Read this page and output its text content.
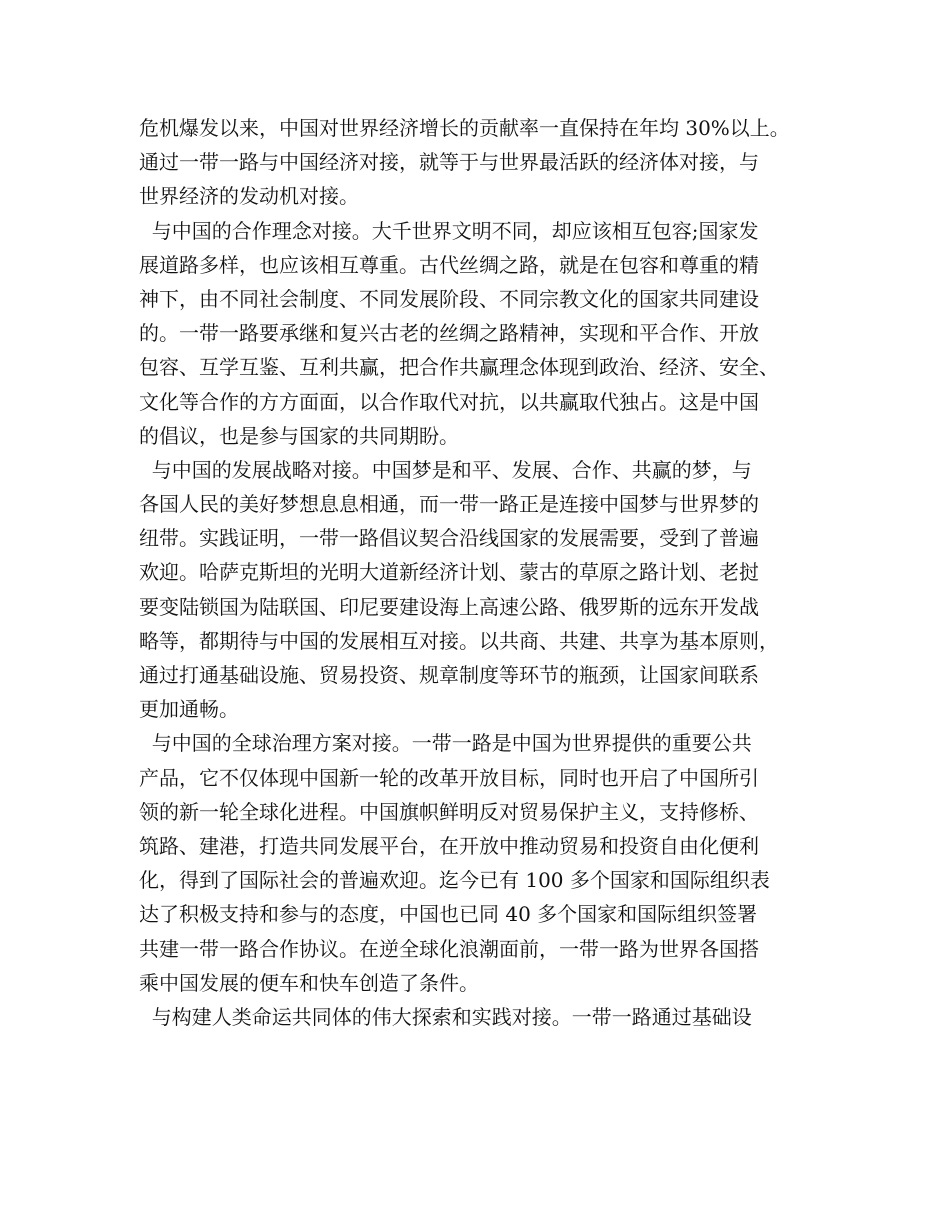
危机爆发以来，中国对世界经济增长的贡献率一直保持在年均 30%以上。
通过一带一路与中国经济对接，就等于与世界最活跃的经济体对接，与
世界经济的发动机对接。
与中国的合作理念对接。大千世界文明不同，却应该相互包容;国家发
展道路多样，也应该相互尊重。古代丝绸之路，就是在包容和尊重的精
神下，由不同社会制度、不同发展阶段、不同宗教文化的国家共同建设
的。一带一路要承继和复兴古老的丝绸之路精神，实现和平合作、开放
包容、互学互鉴、互利共赢，把合作共赢理念体现到政治、经济、安全、
文化等合作的方方面面，以合作取代对抗，以共赢取代独占。这是中国
的倡议，也是参与国家的共同期盼。
与中国的发展战略对接。中国梦是和平、发展、合作、共赢的梦，与
各国人民的美好梦想息息相通，而一带一路正是连接中国梦与世界梦的
纽带。实践证明，一带一路倡议契合沿线国家的发展需要，受到了普遍
欢迎。哈萨克斯坦的光明大道新经济计划、蒙古的草原之路计划、老挝
要变陆锁国为陆联国、印尼要建设海上高速公路、俄罗斯的远东开发战
略等，都期待与中国的发展相互对接。以共商、共建、共享为基本原则，
通过打通基础设施、贸易投资、规章制度等环节的瓶颈，让国家间联系
更加通畅。
与中国的全球治理方案对接。一带一路是中国为世界提供的重要公共
产品，它不仅体现中国新一轮的改革开放目标，同时也开启了中国所引
领的新一轮全球化进程。中国旗帜鲜明反对贸易保护主义，支持修桥、
筑路、建港，打造共同发展平台，在开放中推动贸易和投资自由化便利
化，得到了国际社会的普遍欢迎。迄今已有 100 多个国家和国际组织表
达了积极支持和参与的态度，中国也已同 40 多个国家和国际组织签署
共建一带一路合作协议。在逆全球化浪潮面前，一带一路为世界各国搭
乘中国发展的便车和快车创造了条件。
与构建人类命运共同体的伟大探索和实践对接。一带一路通过基础设
